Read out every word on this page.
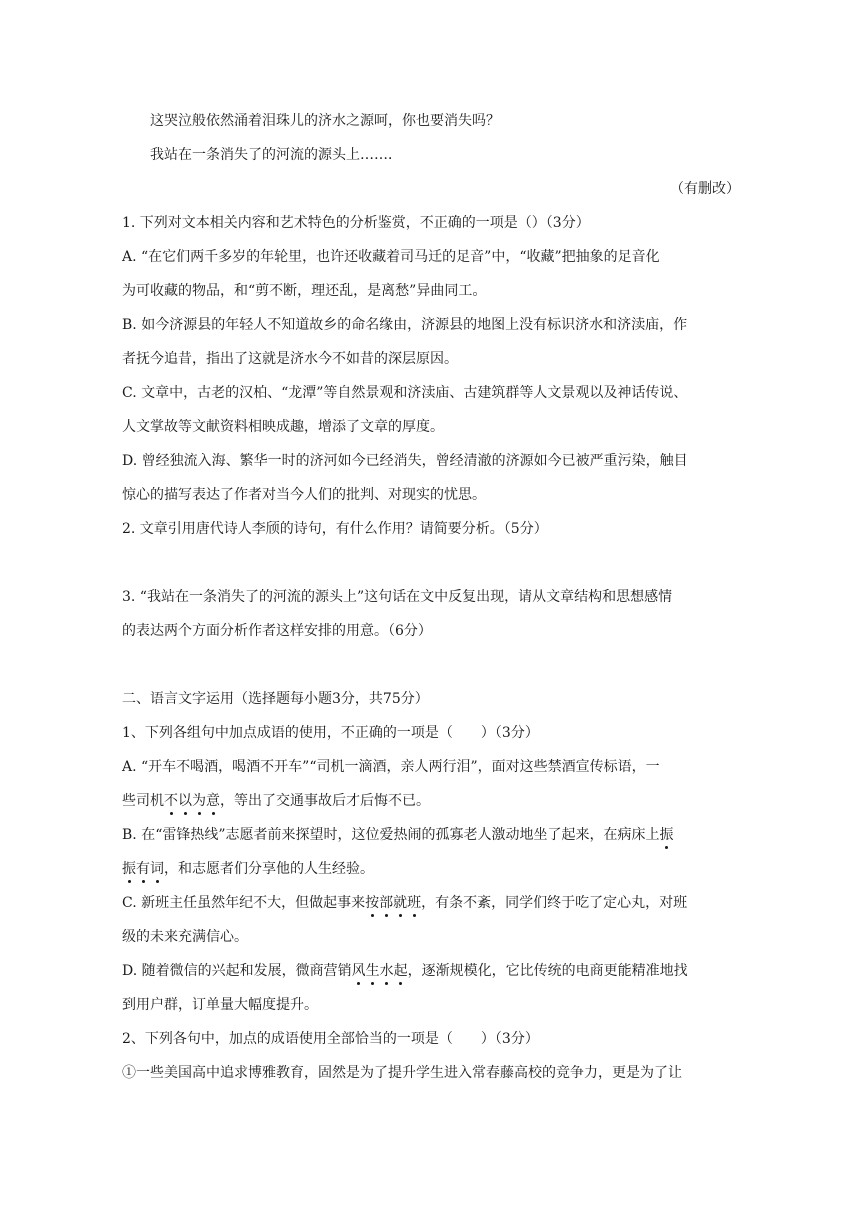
这哭泣般依然涌着泪珠儿的济水之源呵，你也要消失吗？
我站在一条消失了的河流的源头上……．
（有删改）
1. 下列对文本相关内容和艺术特色的分析鉴赏，不正确的一项是（）（3分）
A. “在它们两千多岁的年轮里，也许还收藏着司马迁的足音”中，“收藏”把抽象的足音化
为可收藏的物品，和“剪不断，理还乱，是离愁”异曲同工。
B. 如今济源县的年轻人不知道故乡的命名缘由，济源县的地图上没有标识济水和济渎庙，作
者抚今追昔，指出了这就是济水今不如昔的深层原因。
C. 文章中，古老的汉柏、“龙潭”等自然景观和济渎庙、古建筑群等人文景观以及神话传说、
人文掌故等文献资料相映成趣，增添了文章的厚度。
D. 曾经独流入海、繁华一时的济河如今已经消失，曾经清澈的济源如今已被严重污染，触目
惊心的描写表达了作者对当今人们的批判、对现实的忧思。
2. 文章引用唐代诗人李颀的诗句，有什么作用？请简要分析。（5分）
3. “我站在一条消失了的河流的源头上”这句话在文中反复出现，请从文章结构和思想感情
的表达两个方面分析作者这样安排的用意。（6分）
二、语言文字运用（选择题每小题3分，共75分）
1、下列各组句中加点成语的使用，不正确的一项是（　　）（3分）
A. “开车不喝酒，喝酒不开车”“司机一滴酒，亲人两行泪”，面对这些禁酒宣传标语，一
些司机不以为意，等出了交通事故后才后悔不已。
B. 在“雷锋热线”志愿者前来探望时，这位爱热闹的孤寡老人激动地坐了起来，在病床上振
振有词，和志愿者们分享他的人生经验。
C. 新班主任虽然年纪不大，但做起事来按部就班，有条不紊，同学们终于吃了定心丸，对班
级的未来充满信心。
D. 随着微信的兴起和发展，微商营销风生水起，逐渐规模化，它比传统的电商更能精准地找
到用户群，订单量大幅度提升。
2、下列各句中，加点的成语使用全部恰当的一项是（　　）（3分）
①一些美国高中追求博雅教育，固然是为了提升学生进入常春藤高校的竞争力，更是为了让
